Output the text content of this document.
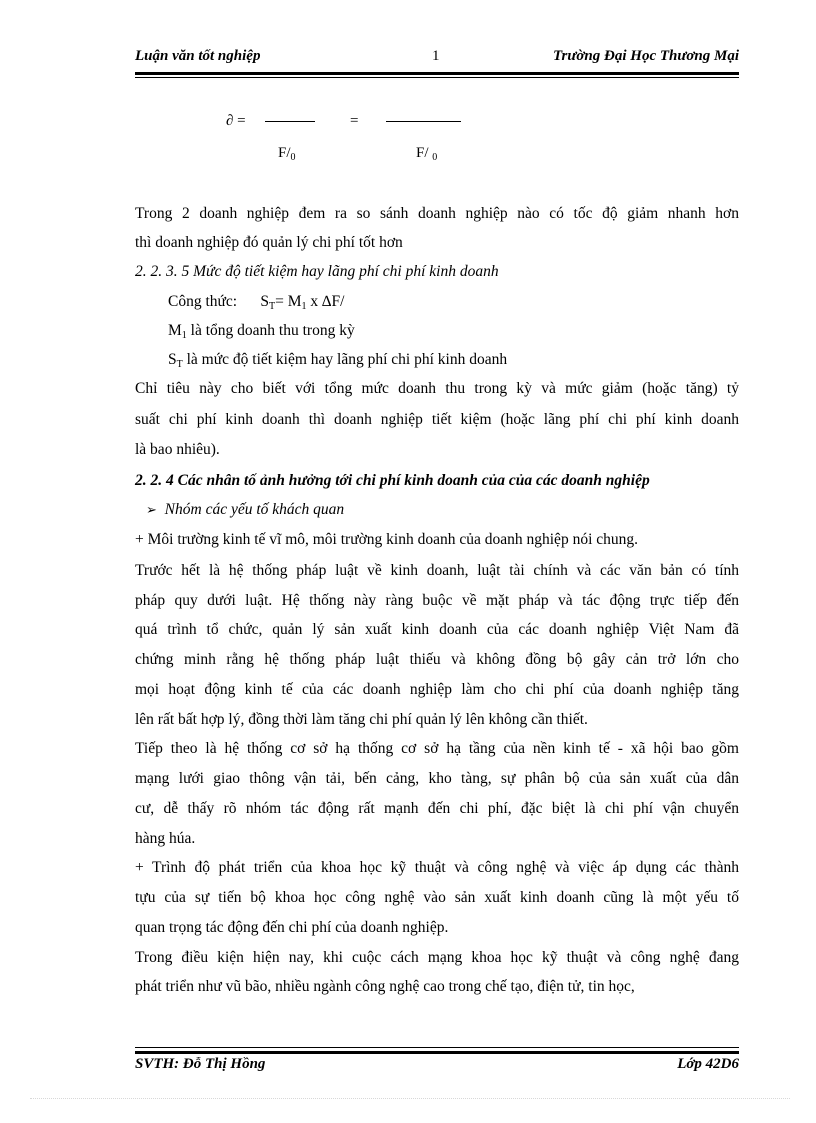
Luận văn tốt nghiệp	1	Trường Đại Học Thương Mại
∂ =	=
$F/_0$	F/ $_0$
Trong 2 doanh nghiệp đem ra so sánh doanh nghiệp nào có tốc độ giảm nhanh hơn
thì doanh nghiệp đó quản lý chi phí tốt hơn
2. 2. 3. 5 Mức độ tiết kiệm hay lãng phí chi phí kinh doanh
Công thức: $S_T= M_1$ x ∆F/
$M_1$ là tổng doanh thu trong kỳ
$S_T$ là mức độ tiết kiệm hay lãng phí chi phí kinh doanh
Chỉ tiêu này cho biết với tổng mức doanh thu trong kỳ và mức giảm (hoặc tăng) tỷ
suất chi phí kinh doanh thì doanh nghiệp tiết kiệm (hoặc lãng phí chi phí kinh doanh
là bao nhiêu).
2. 2. 4 Các nhân tố ảnh hưởng tới chi phí kinh doanh của của các doanh nghiệp
➢ Nhóm các yếu tố khách quan
+ Môi trường kinh tế vĩ mô, môi trường kinh doanh của doanh nghiệp nói chung.
Trước hết là hệ thống pháp luật về kinh doanh, luật tài chính và các văn bản có tính
pháp quy dưới luật. Hệ thống này ràng buộc về mặt pháp và tác động trực tiếp đến
quá trình tổ chức, quản lý sản xuất kinh doanh của các doanh nghiệp Việt Nam đã
chứng minh rằng hệ thống pháp luật thiếu và không đồng bộ gây cản trở lớn cho
mọi hoạt động kinh tế của các doanh nghiệp làm cho chi phí của doanh nghiệp tăng
lên rất bất hợp lý, đồng thời làm tăng chi phí quản lý lên không cần thiết.
Tiếp theo là hệ thống cơ sở hạ thống cơ sở hạ tầng của nền kinh tế - xã hội bao gồm
mạng lưới giao thông vận tải, bến cảng, kho tàng, sự phân bộ của sản xuất của dân
cư, dễ thấy rõ nhóm tác động rất mạnh đến chi phí, đặc biệt là chi phí vận chuyển
hàng húa.
+ Trình độ phát triển của khoa học kỹ thuật và công nghệ và việc áp dụng các thành
tựu của sự tiến bộ khoa học công nghệ vào sản xuất kinh doanh cũng là một yếu tố
quan trọng tác động đến chi phí của doanh nghiệp.
Trong điều kiện hiện nay, khi cuộc cách mạng khoa học kỹ thuật và công nghệ đang
phát triển như vũ bão, nhiều ngành công nghệ cao trong chế tạo, điện tử, tin học,
SVTH: Đỗ Thị Hồng	Lớp 42D6
